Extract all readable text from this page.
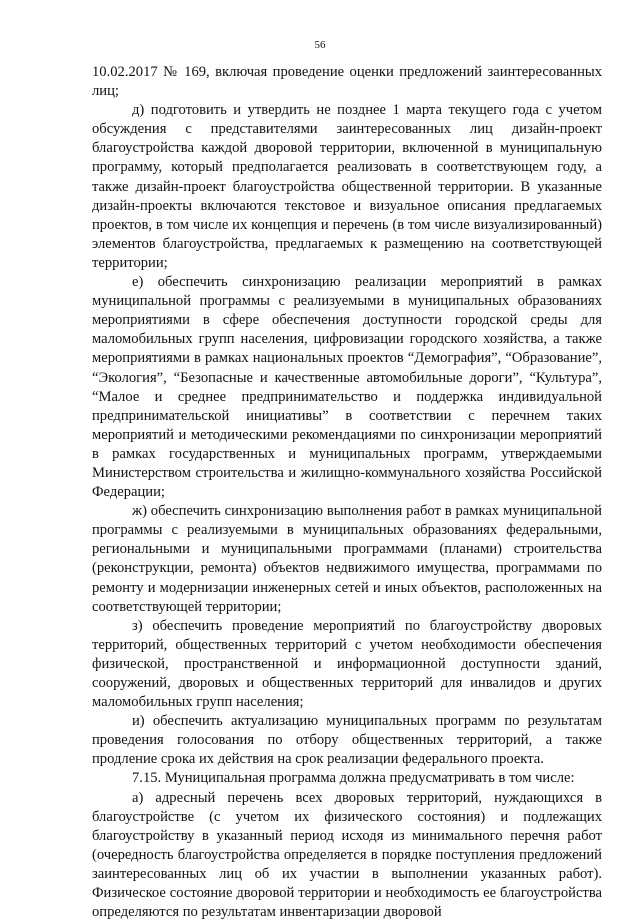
56

10.02.2017 № 169, включая проведение оценки предложений заинтересованных лиц;

д) подготовить и утвердить не позднее 1 марта текущего года с учетом обсуждения с представителями заинтересованных лиц дизайн-проект благоустройства каждой дворовой территории, включенной в муниципальную программу, который предполагается реализовать в соответствующем году, а также дизайн-проект благоустройства общественной территории. В указанные дизайн-проекты включаются текстовое и визуальное описания предлагаемых проектов, в том числе их концепция и перечень (в том числе визуализированный) элементов благоустройства, предлагаемых к размещению на соответствующей территории;

е) обеспечить синхронизацию реализации мероприятий в рамках муниципальной программы с реализуемыми в муниципальных образованиях мероприятиями в сфере обеспечения доступности городской среды для маломобильных групп населения, цифровизации городского хозяйства, а также мероприятиями в рамках национальных проектов “Демография”, “Образование”, “Экология”, “Безопасные и качественные автомобильные дороги”, “Культура”, “Малое и среднее предпринимательство и поддержка индивидуальной предпринимательской инициативы” в соответствии с перечнем таких мероприятий и методическими рекомендациями по синхронизации мероприятий в рамках государственных и муниципальных программ, утверждаемыми Министерством строительства и жилищно-коммунального хозяйства Российской Федерации;

ж) обеспечить синхронизацию выполнения работ в рамках муниципальной программы с реализуемыми в муниципальных образованиях федеральными, региональными и муниципальными программами (планами) строительства (реконструкции, ремонта) объектов недвижимого имущества, программами по ремонту и модернизации инженерных сетей и иных объектов, расположенных на соответствующей территории;

з) обеспечить проведение мероприятий по благоустройству дворовых территорий, общественных территорий с учетом необходимости обеспечения физической, пространственной и информационной доступности зданий, сооружений, дворовых и общественных территорий для инвалидов и других маломобильных групп населения;

и) обеспечить актуализацию муниципальных программ по результатам проведения голосования по отбору общественных территорий, а также продление срока их действия на срок реализации федерального проекта.

7.15. Муниципальная программа должна предусматривать в том числе:

а) адресный перечень всех дворовых территорий, нуждающихся в благоустройстве (с учетом их физического состояния) и подлежащих благоустройству в указанный период исходя из минимального перечня работ (очередность благоустройства определяется в порядке поступления предложений заинтересованных лиц об их участии в выполнении указанных работ). Физическое состояние дворовой территории и необходимость ее благоустройства определяются по результатам инвентаризации дворовой
